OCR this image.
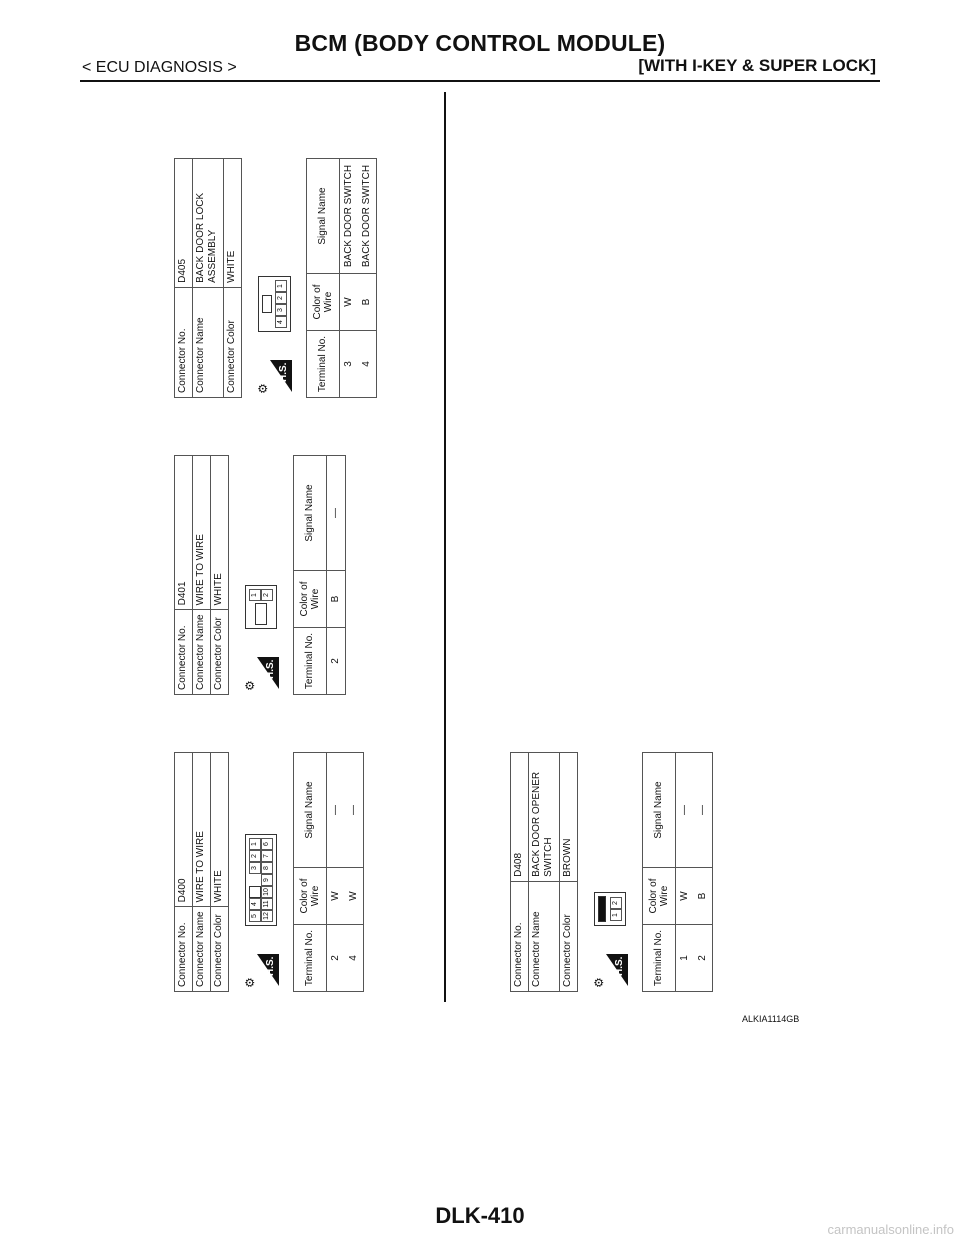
BCM (BODY CONTROL MODULE)
< ECU DIAGNOSIS >	[WITH I-KEY & SUPER LOCK]
Connector No.	D400
Connector Name	WIRE TO WIRE
Connector Color	WHITE
⚙
H.S.
5
4
3
2
1
12
11
10
9
8
7
6
Terminal No.	Color of Wire	Signal Name
2	W	—
4	W	—
Connector No.	D401
Connector Name	WIRE TO WIRE
Connector Color	WHITE
⚙
H.S.
1 2
Terminal No.	Color of Wire	Signal Name
2	B	—
Connector No.	D405
Connector Name	BACK DOOR LOCK ASSEMBLY
Connector Color	WHITE
⚙
H.S.
4
3
2
1
Terminal No.	Color of Wire	Signal Name
3	W	BACK DOOR SWITCH
4	B	BACK DOOR SWITCH
Connector No.	D408
Connector Name	BACK DOOR OPENER SWITCH
Connector Color	BROWN
⚙
H.S.
1
2
Terminal No.	Color of Wire	Signal Name
1	W	—
2	B	—
ALKIA1114GB
DLK-410
carmanualsonline.info
